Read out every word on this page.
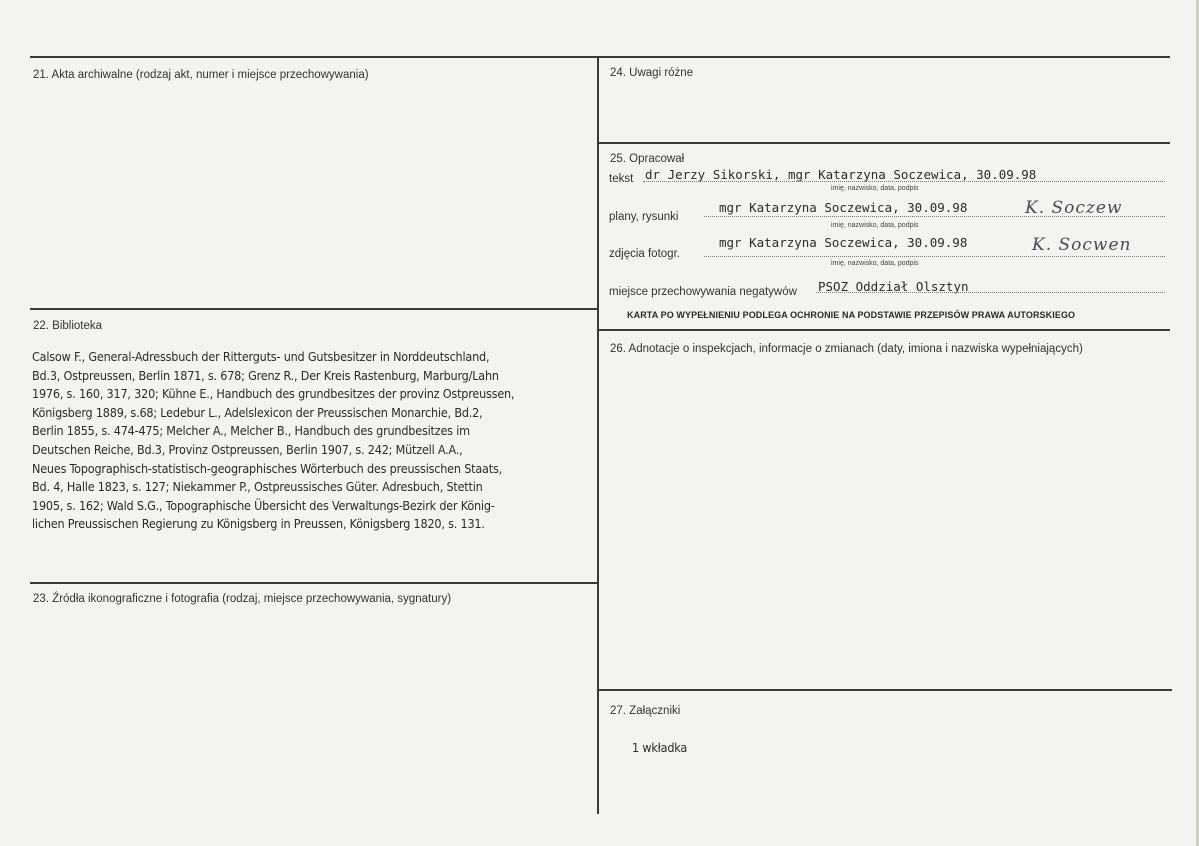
21. Akta archiwalne (rodzaj akt, numer i miejsce przechowywania)
22. Biblioteka
Calsow F., General-Adressbuch der Ritterguts- und Gutsbesitzer in Norddeutschland,
Bd.3, Ostpreussen, Berlin 1871, s. 678; Grenz R., Der Kreis Rastenburg, Marburg/Lahn
1976, s. 160, 317, 320; Kühne E., Handbuch des grundbesitzes der provinz Ostpreussen,
Königsberg 1889, s.68; Ledebur L., Adelslexicon der Preussischen Monarchie, Bd.2,
Berlin 1855, s. 474-475; Melcher A., Melcher B., Handbuch des grundbesitzes im
Deutschen Reiche, Bd.3, Provinz Ostpreussen, Berlin 1907, s. 242; Mützell A.A.,
Neues Topographisch-statistisch-geographisches Wörterbuch des preussischen Staats,
Bd. 4, Halle 1823, s. 127; Niekammer P., Ostpreussisches Güter. Adresbuch, Stettin
1905, s. 162; Wald S.G., Topographische Übersicht des Verwaltungs-Bezirk der König-
lichen Preussischen Regierung zu Königsberg in Preussen, Königsberg 1820, s. 131.
23. Źródła ikonograficzne i fotografia (rodzaj, miejsce przechowywania, sygnatury)
24. Uwagi różne
25. Opracował
tekst dr Jerzy Sikorski, mgr Katarzyna Soczewica, 30.09.98
imię, nazwisko, data, podpis
plany, rysunki
mgr Katarzyna Soczewica, 30.09.98	K. Soczew
imię, nazwisko, data, podpis
zdjęcia fotogr.
mgr Katarzyna Soczewica, 30.09.98	K. Socwen
imię, nazwisko, data, podpis
miejsce przechowywania negatywów PSOZ Oddział Olsztyn
KARTA PO WYPEŁNIENIU PODLEGA OCHRONIE NA PODSTAWIE PRZEPISÓW PRAWA AUTORSKIEGO
26. Adnotacje o inspekcjach, informacje o zmianach (daty, imiona i nazwiska wypełniających)
27. Załączniki
1 wkładka
